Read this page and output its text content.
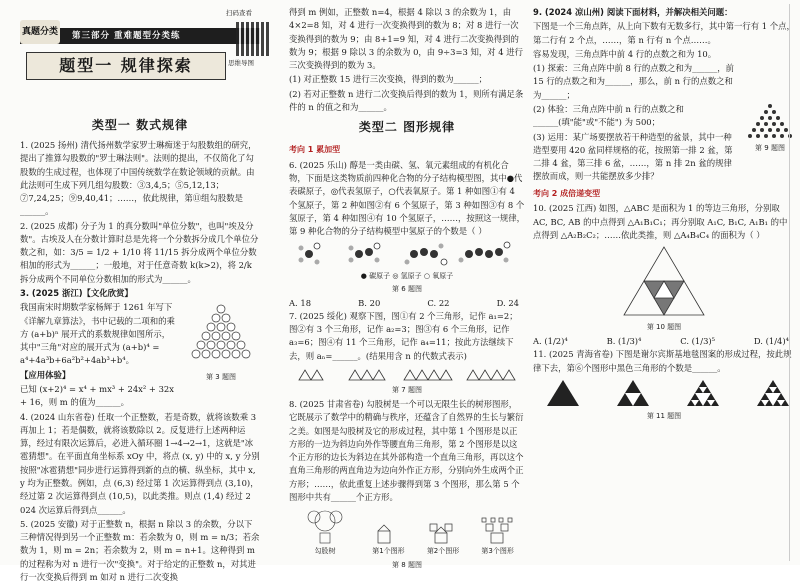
真题分类 第三部分 重难题型分类练
扫码查看
思维导图
题型一 规律探索
类型一 数式规律

1. (2025 扬州) 清代扬州数学家罗士琳痴迷于勾股数组的研究，提出了推算勾股数的"罗士琳法则"。法则的提出，不仅简化了勾股数的生成过程，也体现了中国传统数学在数论领域的贡献。由此法则可生成下列几组勾股数：③3,4,5；⑤5,12,13；⑦7,24,25；⑨9,40,41；……，依此规律，第⑪组勾股数是______。

2. (2025 成都) 分子为 1 的真分数叫"单位分数"，也叫"埃及分数"。古埃及人在分数计算时总是先将一个分数拆分成几个单位分数之和，如：3/5 = 1/2 + 1/10 将 11/15 拆分成两个单位分数相加的形式为______；一般地，对于任意奇数 k(k>2)，将 2/k 拆分成两个不同单位分数相加的形式为______。

3. (2025 浙江)【文化欣赏】

我国南宋时期数学家杨辉于 1261 年写下《详解九章算法》，书中记载的二项和的乘方 (a+b)ⁿ 展开式的系数规律如图所示，其中"三角"对应的展开式为 (a+b)⁴ = a⁴+4a³b+6a²b²+4ab³+b⁴。

【应用体验】

已知 (x+2)⁴ = x⁴ + mx³ + 24x² + 32x + 16，则 m 的值为______。

第 3 题图

4. (2024 山东省卷) 任取一个正整数，若是奇数，就将该数乘 3 再加上 1；若是偶数，就将该数除以 2。反复进行上述两种运算，经过有限次运算后，必进入循环圈 1→4→2→1，这就是"冰雹猜想"。在平面直角坐标系 xOy 中，将点 (x, y) 中的 x, y 分别按照"冰雹猜想"同步进行运算得到新的点的横、纵坐标，其中 x, y 均为正整数。例如，点 (6,3) 经过第 1 次运算得到点 (3,10)，经过第 2 次运算得到点 (10,5)，以此类推。则点 (1,4) 经过 2 024 次运算后得到点______。

5. (2025 安徽) 对于正整数 n，根据 n 除以 3 的余数，分以下三种情况得到另一个正整数 m：若余数为 0，则 m = n/3；若余数为 1，则 m = 2n；若余数为 2，则 m = n+1。这种得到 m 的过程称为对 n 进行一次"变换"。对于给定的正整数 n，对其进行一次变换后得到 m 如对 n 进行二次变换

得到 m 例如，正整数 n=4，根据 4 除以 3 的余数为 1，由 4×2=8 知，对 4 进行一次变换得到的数为 8；对 8 进行一次变换得到的数为 9；由 8+1=9 知，对 4 进行二次变换得到的数为 9；根据 9 除以 3 的余数为 0，由 9÷3=3 知，对 4 进行三次变换得到的数为 3。

(1) 对正整数 15 进行三次变换，得到的数为______；

(2) 若对正整数 n 进行二次变换后得到的数为 1，则所有满足条件的 n 的值之和为______。

类型二 图形规律
考向 1 累加型

6. (2025 乐山) 醇是一类由碳、氢、氧元素组成的有机化合物，下面是这类物质前四种化合物的分子结构模型图，其中●代表碳原子，◎代表氢原子，○代表氧原子。第 1 种如图①有 4 个氢原子，第 2 种如图②有 6 个氢原子，第 3 种如图③有 8 个氢原子，第 4 种如图④有 10 个氢原子，……，按照这一规律，第 9 种化合物的分子结构模型中氢原子的个数是（ ）

● 碳原子 ◎ 氢原子 ○ 氧原子
第 6 题图
A. 18	B. 20	C. 22	D. 24

7. (2025 绥化) 观察下图，图①有 2 个三角形，记作 a₁=2；图②有 3 个三角形，记作 a₂=3；图③有 6 个三角形，记作 a₃=6；图④有 11 个三角形，记作 a₄=11；按此方法继续下去，则 aₙ=______。(结果用含 n 的代数式表示)

第 7 题图

8. (2025 甘肃省卷) 勾股树是一个可以无限生长的树形图形，它既展示了数学中的精确与秩序，还蕴含了自然界的生长与繁衍之美。如图是勾股树及它的形成过程，其中第 1 个图形是以正方形的一边为斜边向外作等腰直角三角形，第 2 个图形是以这个正方形的边长为斜边在其外部构造一个直角三角形，再以这个直角三角形的两直角边为边向外作正方形，分别向外生成两个正方形；……，依此重复上述步骤得到第 3 个图形，那么第 5 个图形中共有______个正方形。

勾股树	第1个图形	第2个图形	第3个图形
第 8 题图

9. (2024 凉山州) 阅读下面材料，并解决相关问题：

下图是一个三角点阵，从上向下数有无数多行，其中第一行有 1 个点，第二行有 2 个点，……，第 n 行有 n 个点……。

容易发现，三角点阵中前 4 行的点数之和为 10。

(1) 探索：三角点阵中前 8 行的点数之和为______，前 15 行的点数之和为______，那么，前 n 行的点数之和为______；

(2) 体验：三角点阵中前 n 行的点数之和______(填"能"或"不能") 为 500；

(3) 运用：某广场要摆放若干种造型的盆景，其中一种造型要用 420 盆同样规格的花，按照第一排 2 盆，第二排 4 盆，第三排 6 盆，……，第 n 排 2n 盆的规律摆放而成，则一共能摆放多少排？

第 9 题图
考向 2 成倍递变型

10. (2025 江西) 如图，△ABC 是面积为 1 的等边三角形，分别取 AC, BC, AB 的中点得到 △A₁B₁C₁；再分别取 A₁C, B₁C, A₁B₁ 的中点得到 △A₂B₂C₂；……依此类推，则 △A₄B₄C₄ 的面积为（ ）

第 10 题图
A. (1/2)⁴	B. (1/3)⁴	C. (1/3)⁵	D. (1/4)⁴

11. (2025 青海省卷) 下图是谢尔宾斯基地毯图案的形成过程，按此规律下去，第⑥个图形中黑色三角形的个数是______。

第 11 题图
